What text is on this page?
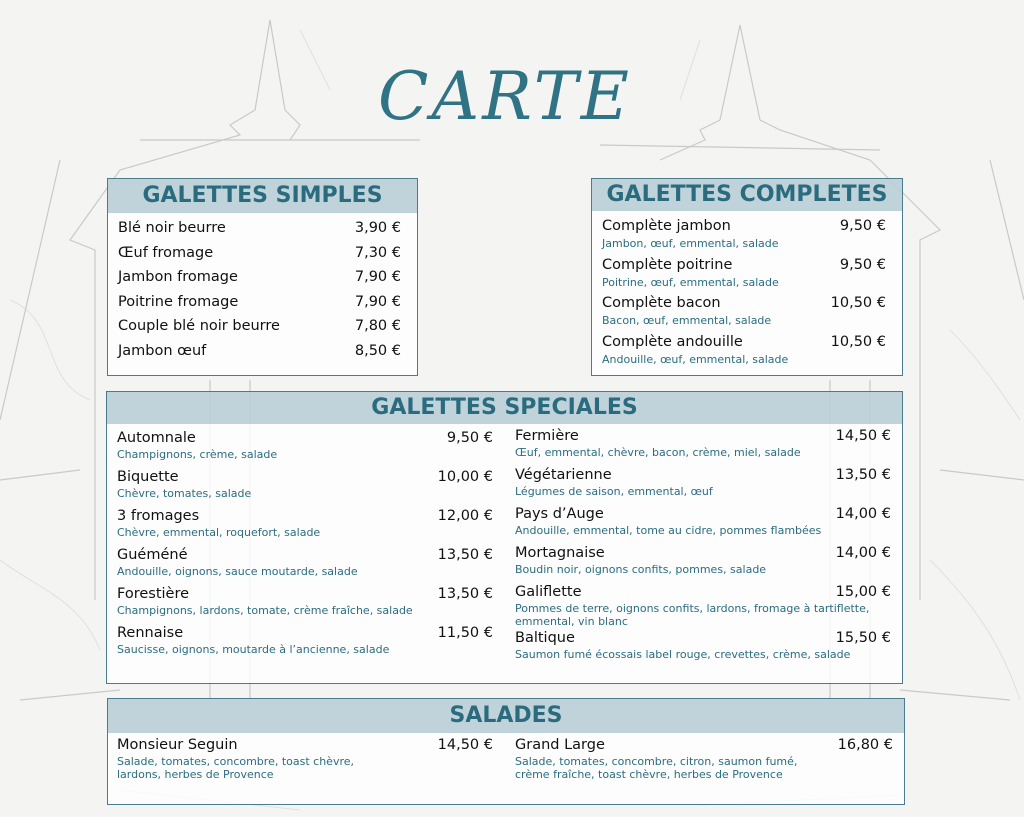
CARTE
GALETTES SIMPLES
Blé noir beurre	3,90 €
Œuf fromage	7,30 €
Jambon fromage	7,90 €
Poitrine fromage	7,90 €
Couple blé noir beurre	7,80 €
Jambon œuf	8,50 €
GALETTES COMPLETES
Complète jambon	9,50 €
Jambon, œuf, emmental, salade
Complète poitrine	9,50 €
Poitrine, œuf, emmental, salade
Complète bacon	10,50 €
Bacon, œuf, emmental, salade
Complète andouille	10,50 €
Andouille, œuf, emmental, salade
GALETTES SPECIALES
Automnale	9,50 €
Champignons, crème, salade
Biquette	10,00 €
Chèvre, tomates, salade
3 fromages	12,00 €
Chèvre, emmental, roquefort, salade
Guéméné	13,50 €
Andouille, oignons, sauce moutarde, salade
Forestière	13,50 €
Champignons, lardons, tomate, crème fraîche, salade
Rennaise	11,50 €
Saucisse, oignons, moutarde à l’ancienne, salade
Fermière	14,50 €
Œuf, emmental, chèvre, bacon, crème, miel, salade
Végétarienne	13,50 €
Légumes de saison, emmental, œuf
Pays d’Auge	14,00 €
Andouille, emmental, tome au cidre, pommes flambées
Mortagnaise	14,00 €
Boudin noir, oignons confits, pommes, salade
Galiflette	15,00 €
Pommes de terre, oignons confits, lardons, fromage à tartiflette,
emmental, vin blanc
Baltique	15,50 €
Saumon fumé écossais label rouge, crevettes, crème, salade
SALADES
Monsieur Seguin	14,50 €
Salade, tomates, concombre, toast chèvre,
lardons, herbes de Provence
Grand Large	16,80 €
Salade, tomates, concombre, citron, saumon fumé,
crème fraîche, toast chèvre, herbes de Provence
